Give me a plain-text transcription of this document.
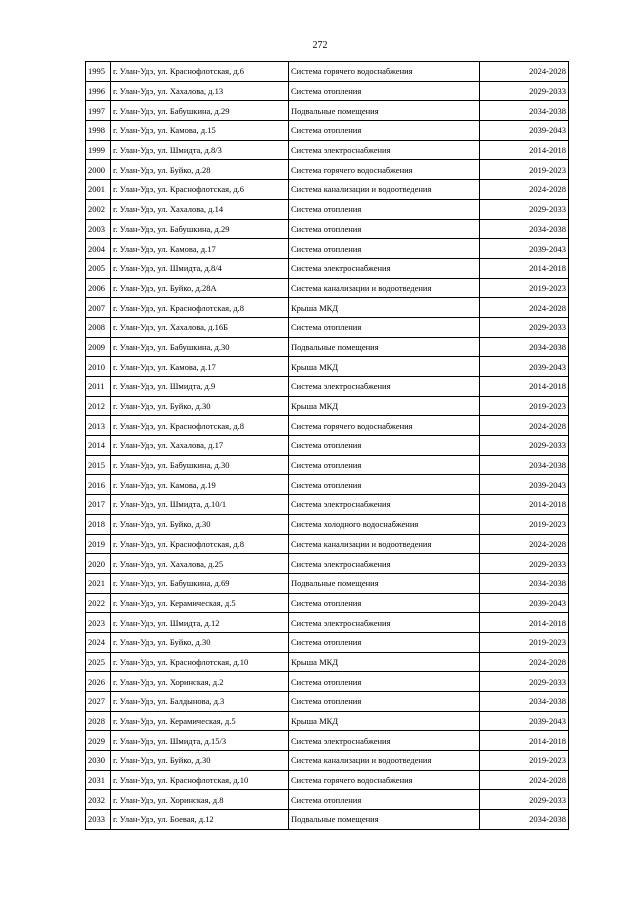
272
1995	г. Улан-Удэ, ул. Краснофлотская, д.6	Система горячего водоснабжения	2024-2028
1996	г. Улан-Удэ, ул. Хахалова, д.13	Система отопления	2029-2033
1997	г. Улан-Удэ, ул. Бабушкина, д.29	Подвальные помещения	2034-2038
1998	г. Улан-Удэ, ул. Камова, д.15	Система отопления	2039-2043
1999	г. Улан-Удэ, ул. Шмидта, д.8/3	Система электроснабжения	2014-2018
2000	г. Улан-Удэ, ул. Буйко, д.28	Система горячего водоснабжения	2019-2023
2001	г. Улан-Удэ, ул. Краснофлотская, д.6	Система канализации и водоотведения	2024-2028
2002	г. Улан-Удэ, ул. Хахалова, д.14	Система отопления	2029-2033
2003	г. Улан-Удэ, ул. Бабушкина, д.29	Система отопления	2034-2038
2004	г. Улан-Удэ, ул. Камова, д.17	Система отопления	2039-2043
2005	г. Улан-Удэ, ул. Шмидта, д.8/4	Система электроснабжения	2014-2018
2006	г. Улан-Удэ, ул. Буйко, д.28А	Система канализации и водоотведения	2019-2023
2007	г. Улан-Удэ, ул. Краснофлотская, д.8	Крыша МКД	2024-2028
2008	г. Улан-Удэ, ул. Хахалова, д.16Б	Система отопления	2029-2033
2009	г. Улан-Удэ, ул. Бабушкина, д.30	Подвальные помещения	2034-2038
2010	г. Улан-Удэ, ул. Камова, д.17	Крыша МКД	2039-2043
2011	г. Улан-Удэ, ул. Шмидта, д.9	Система электроснабжения	2014-2018
2012	г. Улан-Удэ, ул. Буйко, д.30	Крыша МКД	2019-2023
2013	г. Улан-Удэ, ул. Краснофлотская, д.8	Система горячего водоснабжения	2024-2028
2014	г. Улан-Удэ, ул. Хахалова, д.17	Система отопления	2029-2033
2015	г. Улан-Удэ, ул. Бабушкина, д.30	Система отопления	2034-2038
2016	г. Улан-Удэ, ул. Камова, д.19	Система отопления	2039-2043
2017	г. Улан-Удэ, ул. Шмидта, д.10/1	Система электроснабжения	2014-2018
2018	г. Улан-Удэ, ул. Буйко, д.30	Система холодного водоснабжения	2019-2023
2019	г. Улан-Удэ, ул. Краснофлотская, д.8	Система канализации и водоотведения	2024-2028
2020	г. Улан-Удэ, ул. Хахалова, д.25	Система электроснабжения	2029-2033
2021	г. Улан-Удэ, ул. Бабушкина, д.69	Подвальные помещения	2034-2038
2022	г. Улан-Удэ, ул. Керамическая, д.5	Система отопления	2039-2043
2023	г. Улан-Удэ, ул. Шмидта, д.12	Система электроснабжения	2014-2018
2024	г. Улан-Удэ, ул. Буйко, д.30	Система отопления	2019-2023
2025	г. Улан-Удэ, ул. Краснофлотская, д.10	Крыша МКД	2024-2028
2026	г. Улан-Удэ, ул. Хоринская, д.2	Система отопления	2029-2033
2027	г. Улан-Удэ, ул. Балдынова, д.3	Система отопления	2034-2038
2028	г. Улан-Удэ, ул. Керамическая, д.5	Крыша МКД	2039-2043
2029	г. Улан-Удэ, ул. Шмидта, д.15/3	Система электроснабжения	2014-2018
2030	г. Улан-Удэ, ул. Буйко, д.30	Система канализации и водоотведения	2019-2023
2031	г. Улан-Удэ, ул. Краснофлотская, д.10	Система горячего водоснабжения	2024-2028
2032	г. Улан-Удэ, ул. Хоринская, д.8	Система отопления	2029-2033
2033	г. Улан-Удэ, ул. Боевая, д.12	Подвальные помещения	2034-2038
